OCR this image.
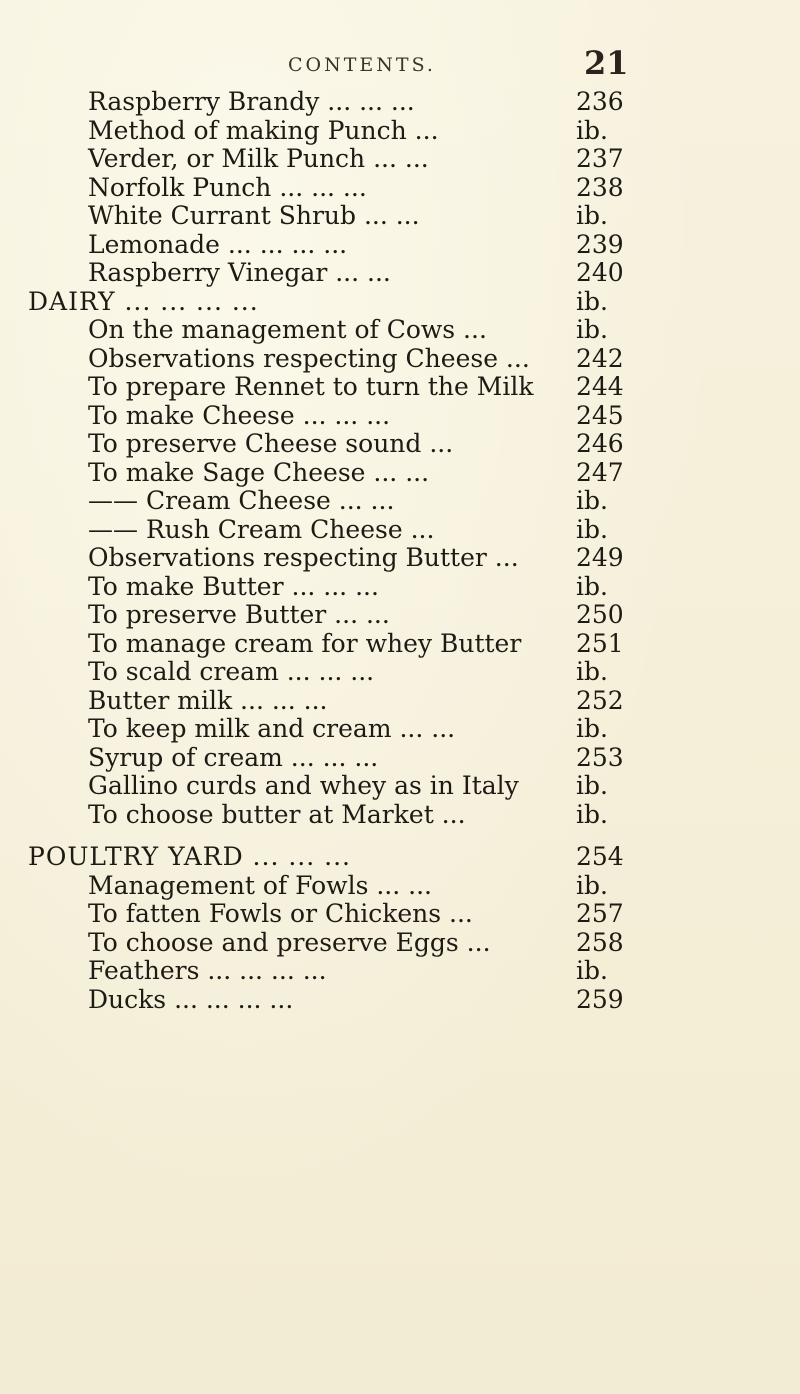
CONTENTS.	21
Raspberry Brandy ... ... ...	236
Method of making Punch ...	ib.
Verder, or Milk Punch ... ...	237
Norfolk Punch ... ... ...	238
White Currant Shrub ... ...	ib.
Lemonade ... ... ... ...	239
Raspberry Vinegar ... ...	240
DAIRY ... ... ... ...	ib.
On the management of Cows ...	ib.
Observations respecting Cheese ... 242
To prepare Rennet to turn the Milk 244
To make Cheese ... ... ...	245
To preserve Cheese sound ...	246
To make Sage Cheese ... ...	247
—— Cream Cheese ... ...	ib.
—— Rush Cream Cheese ...	ib.
Observations respecting Butter ... 249
To make Butter ... ... ...	ib.
To preserve Butter ... ...	250
To manage cream for whey Butter 251
To scald cream ... ... ...	ib.
Butter milk ... ... ...	252
To keep milk and cream ... ...	ib.
Syrup of cream ... ... ...	253
Gallino curds and whey as in Italy ib.
To choose butter at Market ...	ib.
POULTRY YARD ... ... ...	254
Management of Fowls ... ...	ib.
To fatten Fowls or Chickens ...	257
To choose and preserve Eggs ...	258
Feathers ... ... ... ...	ib.
Ducks ... ... ... ...	259
